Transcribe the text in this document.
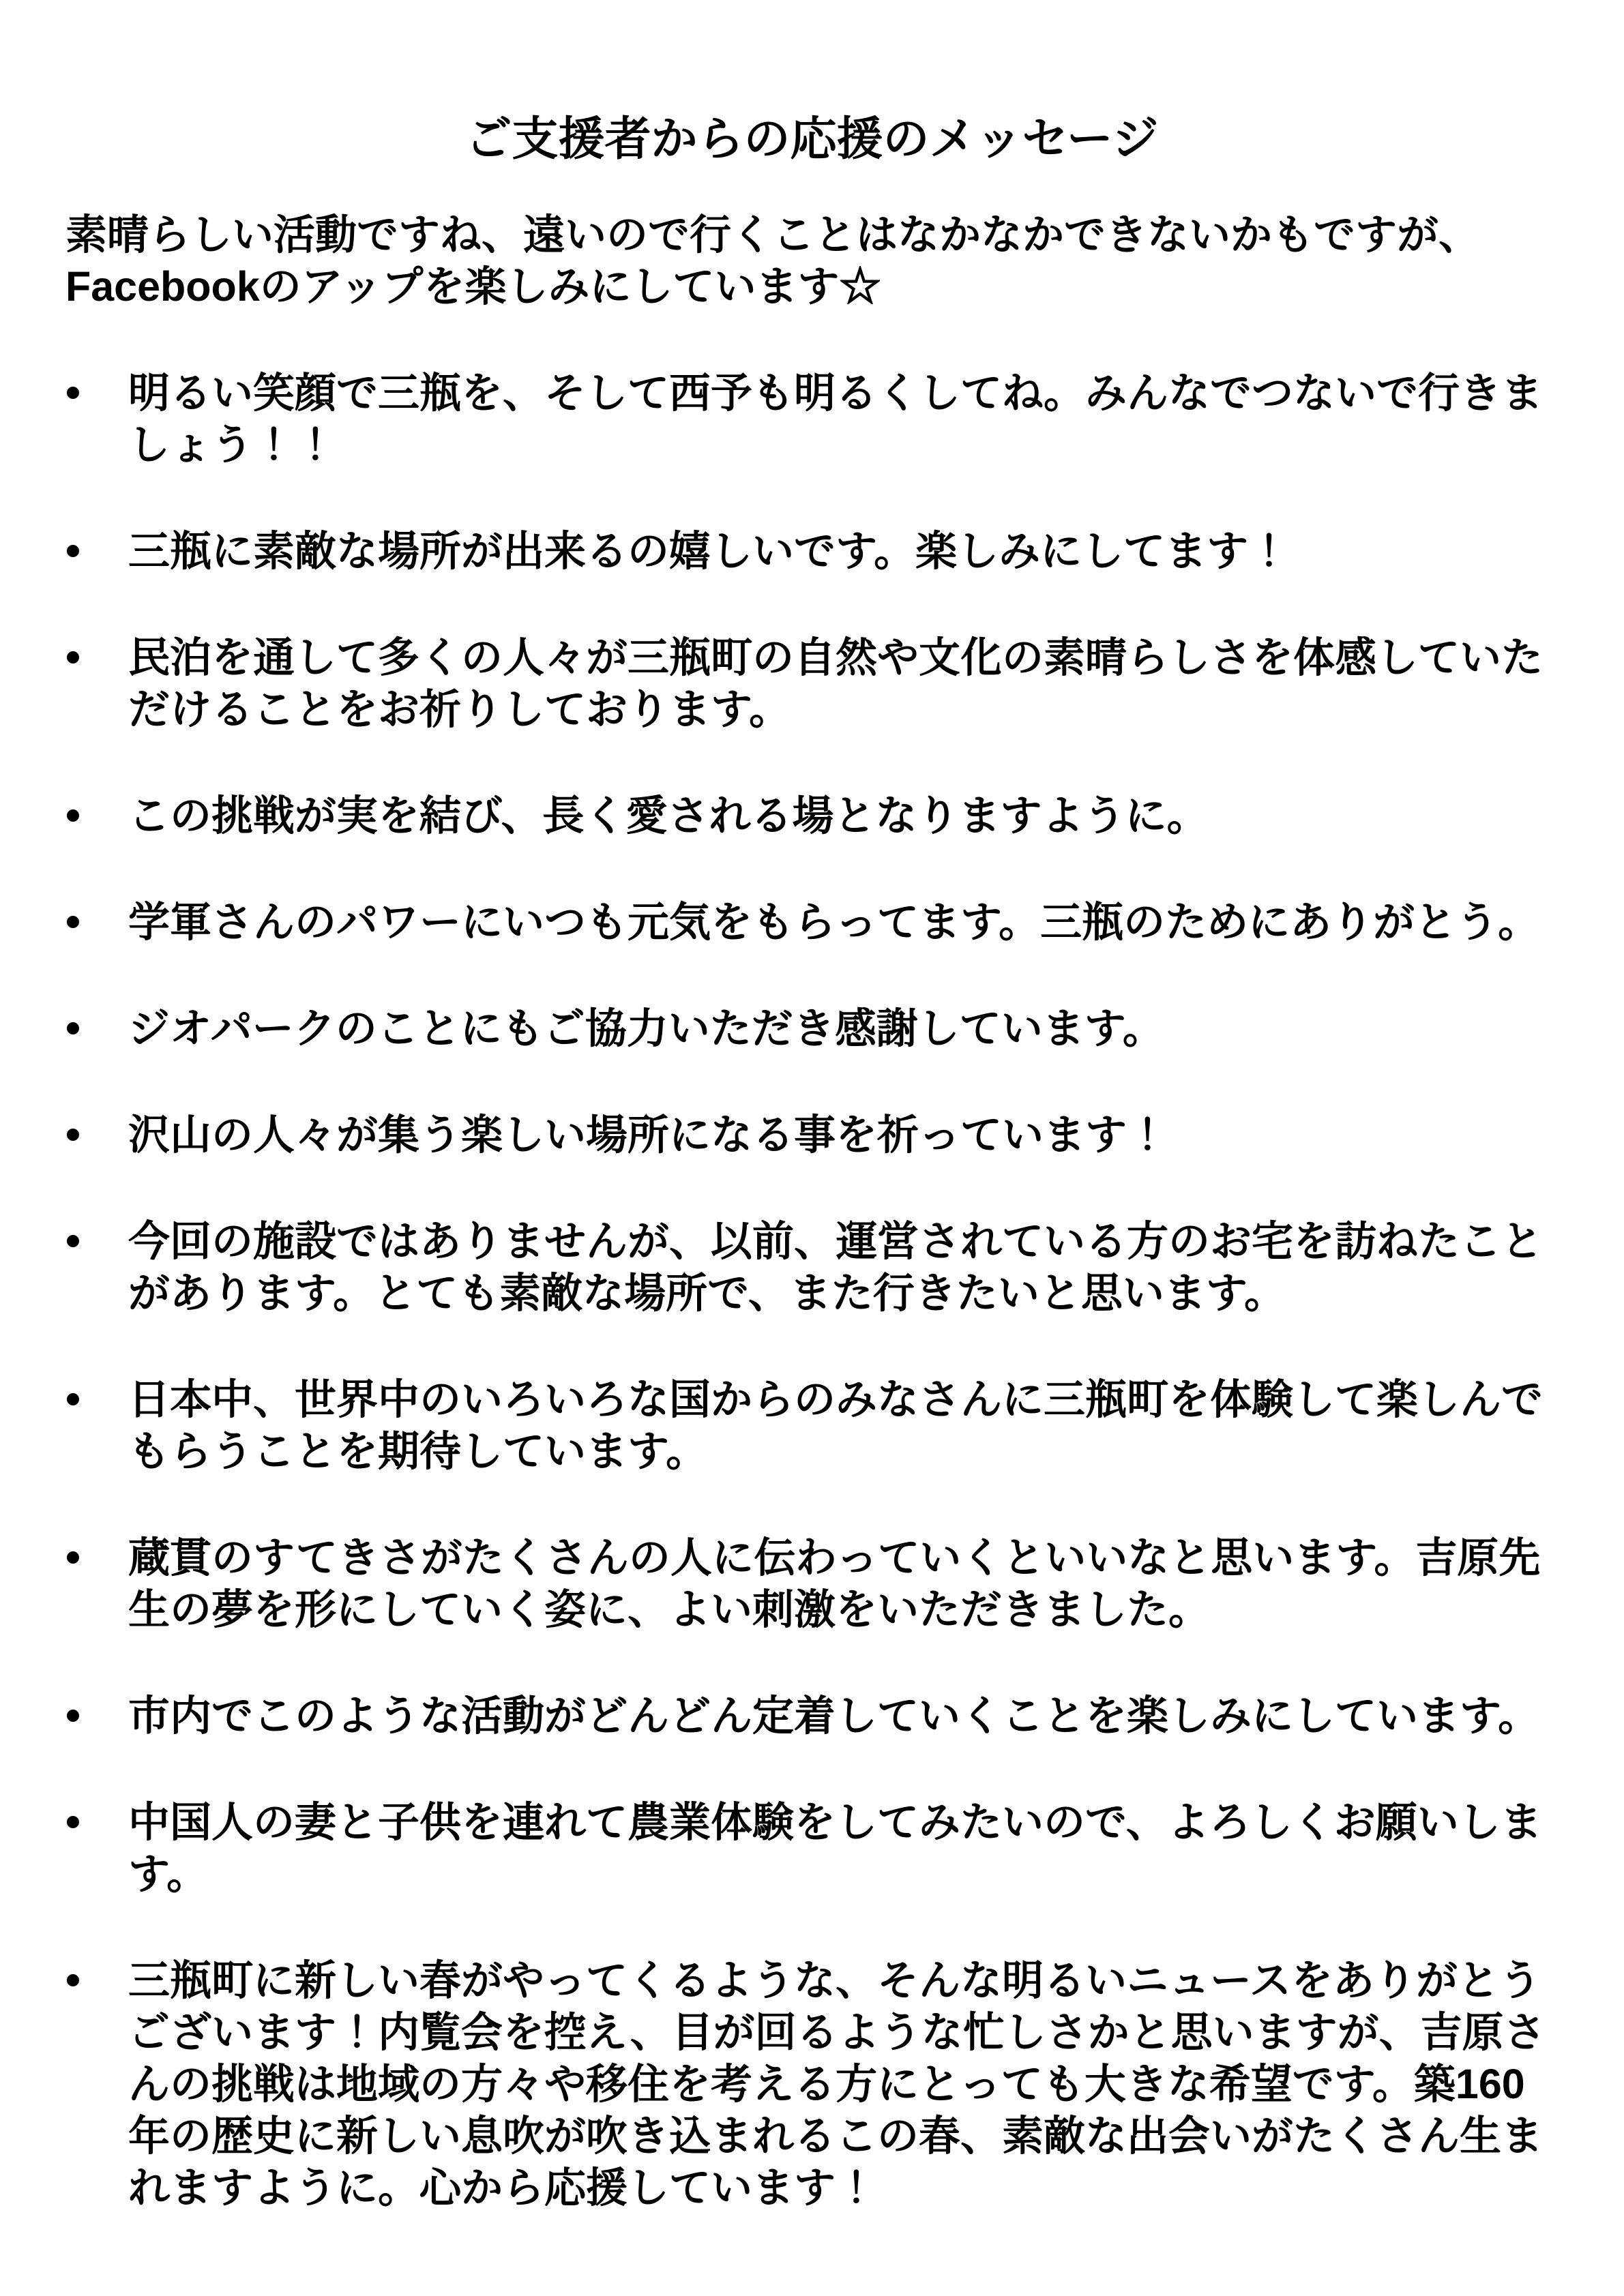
ご支援者からの応援のメッセージ

素晴らしい活動ですね、遠いので行くことはなかなかできないかもですが、Facebookのアップを楽しみにしています☆

明るい笑顔で三瓶を、そして西予も明るくしてね。みんなでつないで行きましょう！！
三瓶に素敵な場所が出来るの嬉しいです。楽しみにしてます！
民泊を通して多くの人々が三瓶町の自然や文化の素晴らしさを体感していただけることをお祈りしております。
この挑戦が実を結び、長く愛される場となりますように。
学軍さんのパワーにいつも元気をもらってます。三瓶のためにありがとう。
ジオパークのことにもご協力いただき感謝しています。
沢山の人々が集う楽しい場所になる事を祈っています！
今回の施設ではありませんが、以前、運営されている方のお宅を訪ねたことがあります。とても素敵な場所で、また行きたいと思います。
日本中、世界中のいろいろな国からのみなさんに三瓶町を体験して楽しんでもらうことを期待しています。
蔵貫のすてきさがたくさんの人に伝わっていくといいなと思います。吉原先生の夢を形にしていく姿に、よい刺激をいただきました。
市内でこのような活動がどんどん定着していくことを楽しみにしています。
中国人の妻と子供を連れて農業体験をしてみたいので、よろしくお願いします。
三瓶町に新しい春がやってくるような、そんな明るいニュースをありがとうございます！内覧会を控え、目が回るような忙しさかと思いますが、吉原さんの挑戦は地域の方々や移住を考える方にとっても大きな希望です。築160年の歴史に新しい息吹が吹き込まれるこの春、素敵な出会いがたくさん生まれますように。心から応援しています！
